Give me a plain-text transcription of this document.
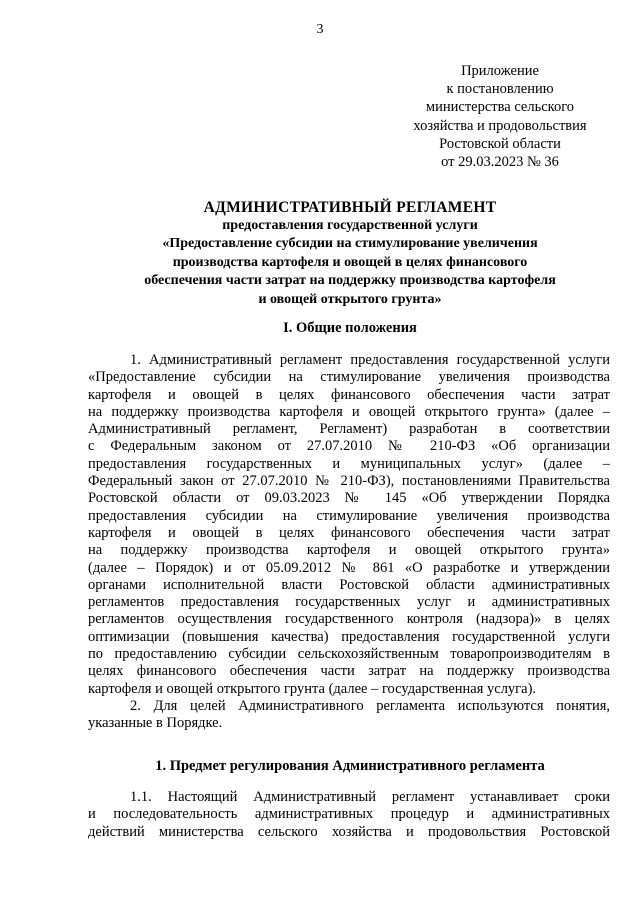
3
Приложение
к постановлению
министерства сельского
хозяйства и продовольствия
Ростовской области
от 29.03.2023 № 36
АДМИНИСТРАТИВНЫЙ РЕГЛАМЕНТ
предоставления государственной услуги
«Предоставление субсидии на стимулирование увеличения
производства картофеля и овощей в целях финансового
обеспечения части затрат на поддержку производства картофеля
и овощей открытого грунта»
I. Общие положения
1. Административный регламент предоставления государственной услуги
«Предоставление субсидии на стимулирование увеличения производства
картофеля и овощей в целях финансового обеспечения части затрат
на поддержку производства картофеля и овощей открытого грунта» (далее –
Административный регламент, Регламент) разработан в соответствии
с Федеральным законом от 27.07.2010 № 210-ФЗ «Об организации
предоставления государственных и муниципальных услуг» (далее –
Федеральный закон от 27.07.2010 № 210-ФЗ), постановлениями Правительства
Ростовской области от 09.03.2023 № 145 «Об утверждении Порядка
предоставления субсидии на стимулирование увеличения производства
картофеля и овощей в целях финансового обеспечения части затрат
на поддержку производства картофеля и овощей открытого грунта»
(далее – Порядок) и от 05.09.2012 № 861 «О разработке и утверждении
органами исполнительной власти Ростовской области административных
регламентов предоставления государственных услуг и административных
регламентов осуществления государственного контроля (надзора)» в целях
оптимизации (повышения качества) предоставления государственной услуги
по предоставлению субсидии сельскохозяйственным товаропроизводителям в
целях финансового обеспечения части затрат на поддержку производства
картофеля и овощей открытого грунта (далее – государственная услуга).
2. Для целей Административного регламента используются понятия,
указанные в Порядке.
1. Предмет регулирования Административного регламента
1.1. Настоящий Административный регламент устанавливает сроки
и последовательность административных процедур и административных
действий министерства сельского хозяйства и продовольствия Ростовской
